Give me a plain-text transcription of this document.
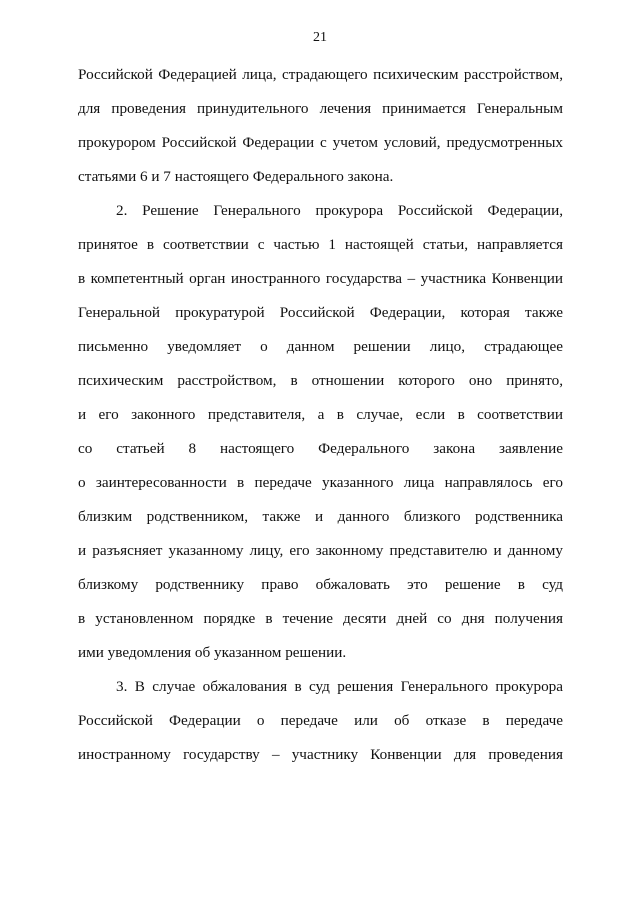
21
Российской Федерацией лица, страдающего психическим расстройством,
для проведения принудительного лечения принимается Генеральным
прокурором Российской Федерации с учетом условий, предусмотренных
статьями 6 и 7 настоящего Федерального закона.
2. Решение Генерального прокурора Российской Федерации,
принятое в соответствии с частью 1 настоящей статьи, направляется
в компетентный орган иностранного государства – участника Конвенции
Генеральной прокуратурой Российской Федерации, которая также
письменно уведомляет о данном решении лицо, страдающее
психическим расстройством, в отношении которого оно принято,
и его законного представителя, а в случае, если в соответствии
со статьей 8 настоящего Федерального закона заявление
о заинтересованности в передаче указанного лица направлялось его
близким родственником, также и данного близкого родственника
и разъясняет указанному лицу, его законному представителю и данному
близкому родственнику право обжаловать это решение в суд
в установленном порядке в течение десяти дней со дня получения
ими уведомления об указанном решении.
3. В случае обжалования в суд решения Генерального прокурора
Российской Федерации о передаче или об отказе в передаче
иностранному государству – участнику Конвенции для проведения
